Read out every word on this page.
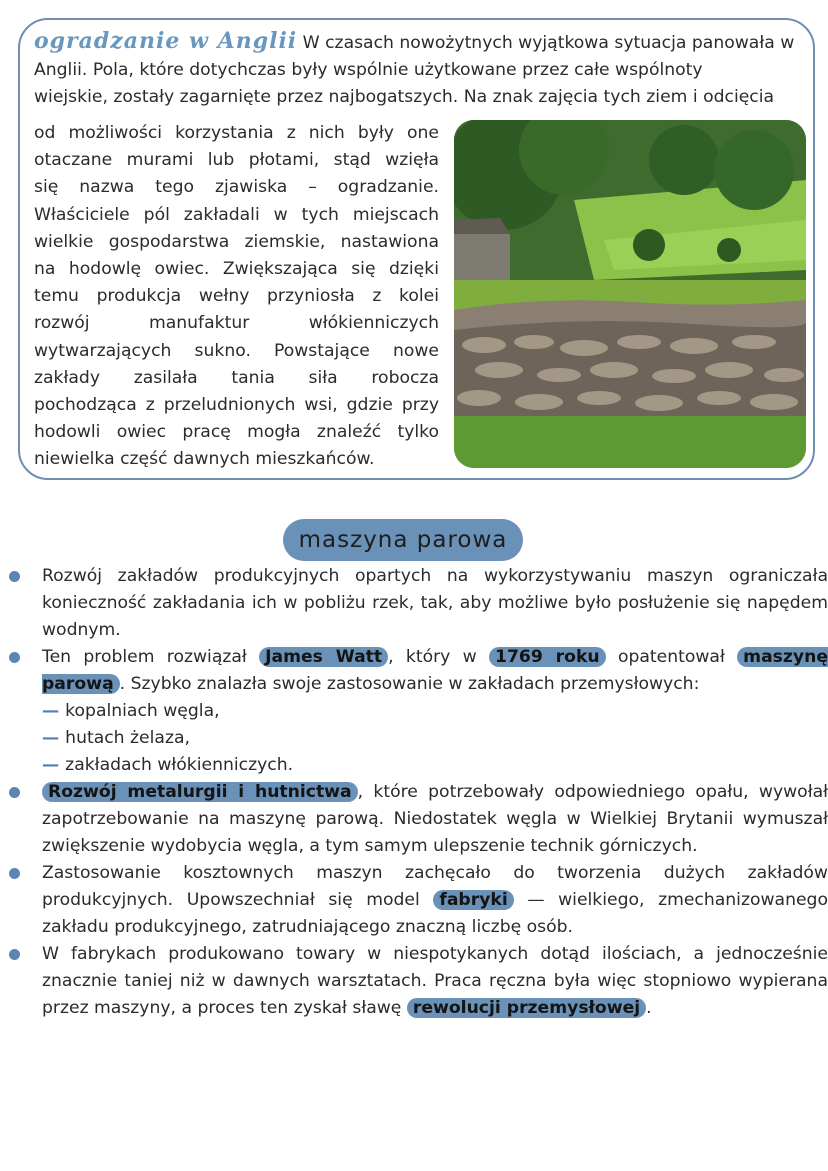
ogradzanie w Anglii W czasach nowożytnych wyjątkowa sytuacja panowała w
Anglii. Pola, które dotychczas były wspólnie użytkowane przez całe wspólnoty
wiejskie, zostały zagarnięte przez najbogatszych. Na znak zajęcia tych ziem i odcięcia
od możliwości korzystania z nich były one
otaczane murami lub płotami, stąd wzięła
się nazwa tego zjawiska – ogradzanie.
Właściciele pól zakładali w tych miejscach
wielkie gospodarstwa ziemskie, nastawiona
na hodowlę owiec. Zwiększająca się dzięki
temu produkcja wełny przyniosła z kolei
rozwój manufaktur włókienniczych
wytwarzających sukno. Powstające nowe
zakłady zasilała tania siła robocza
pochodząca z przeludnionych wsi, gdzie przy
hodowli owiec pracę mogła znaleźć tylko
niewielka część dawnych mieszkańców.
maszyna parowa
Rozwój zakładów produkcyjnych opartych na wykorzystywaniu maszyn ograniczała konieczność zakładania ich w pobliżu rzek, tak, aby możliwe było posłużenie się napędem wodnym.
Ten problem rozwiązał James Watt , który w 1769 roku opatentował maszynę parową . Szybko znalazła swoje zastosowanie w zakładach przemysłowych:
— kopalniach węgla,
— hutach żelaza,
— zakładach włókienniczych.
Rozwój metalurgii i hutnictwa , które potrzebowały odpowiedniego opału, wywołał zapotrzebowanie na maszynę parową. Niedostatek węgla w Wielkiej Brytanii wymuszał zwiększenie wydobycia węgla, a tym samym ulepszenie technik górniczych.
Zastosowanie kosztownych maszyn zachęcało do tworzenia dużych zakładów produkcyjnych. Upowszechniał się model fabryki — wielkiego, zmechanizowanego zakładu produkcyjnego, zatrudniającego znaczną liczbę osób.
W fabrykach produkowano towary w niespotykanych dotąd ilościach, a jednocześnie znacznie taniej niż w dawnych warsztatach. Praca ręczna była więc stopniowo wypierana przez maszyny, a proces ten zyskał sławę rewolucji przemysłowej .
